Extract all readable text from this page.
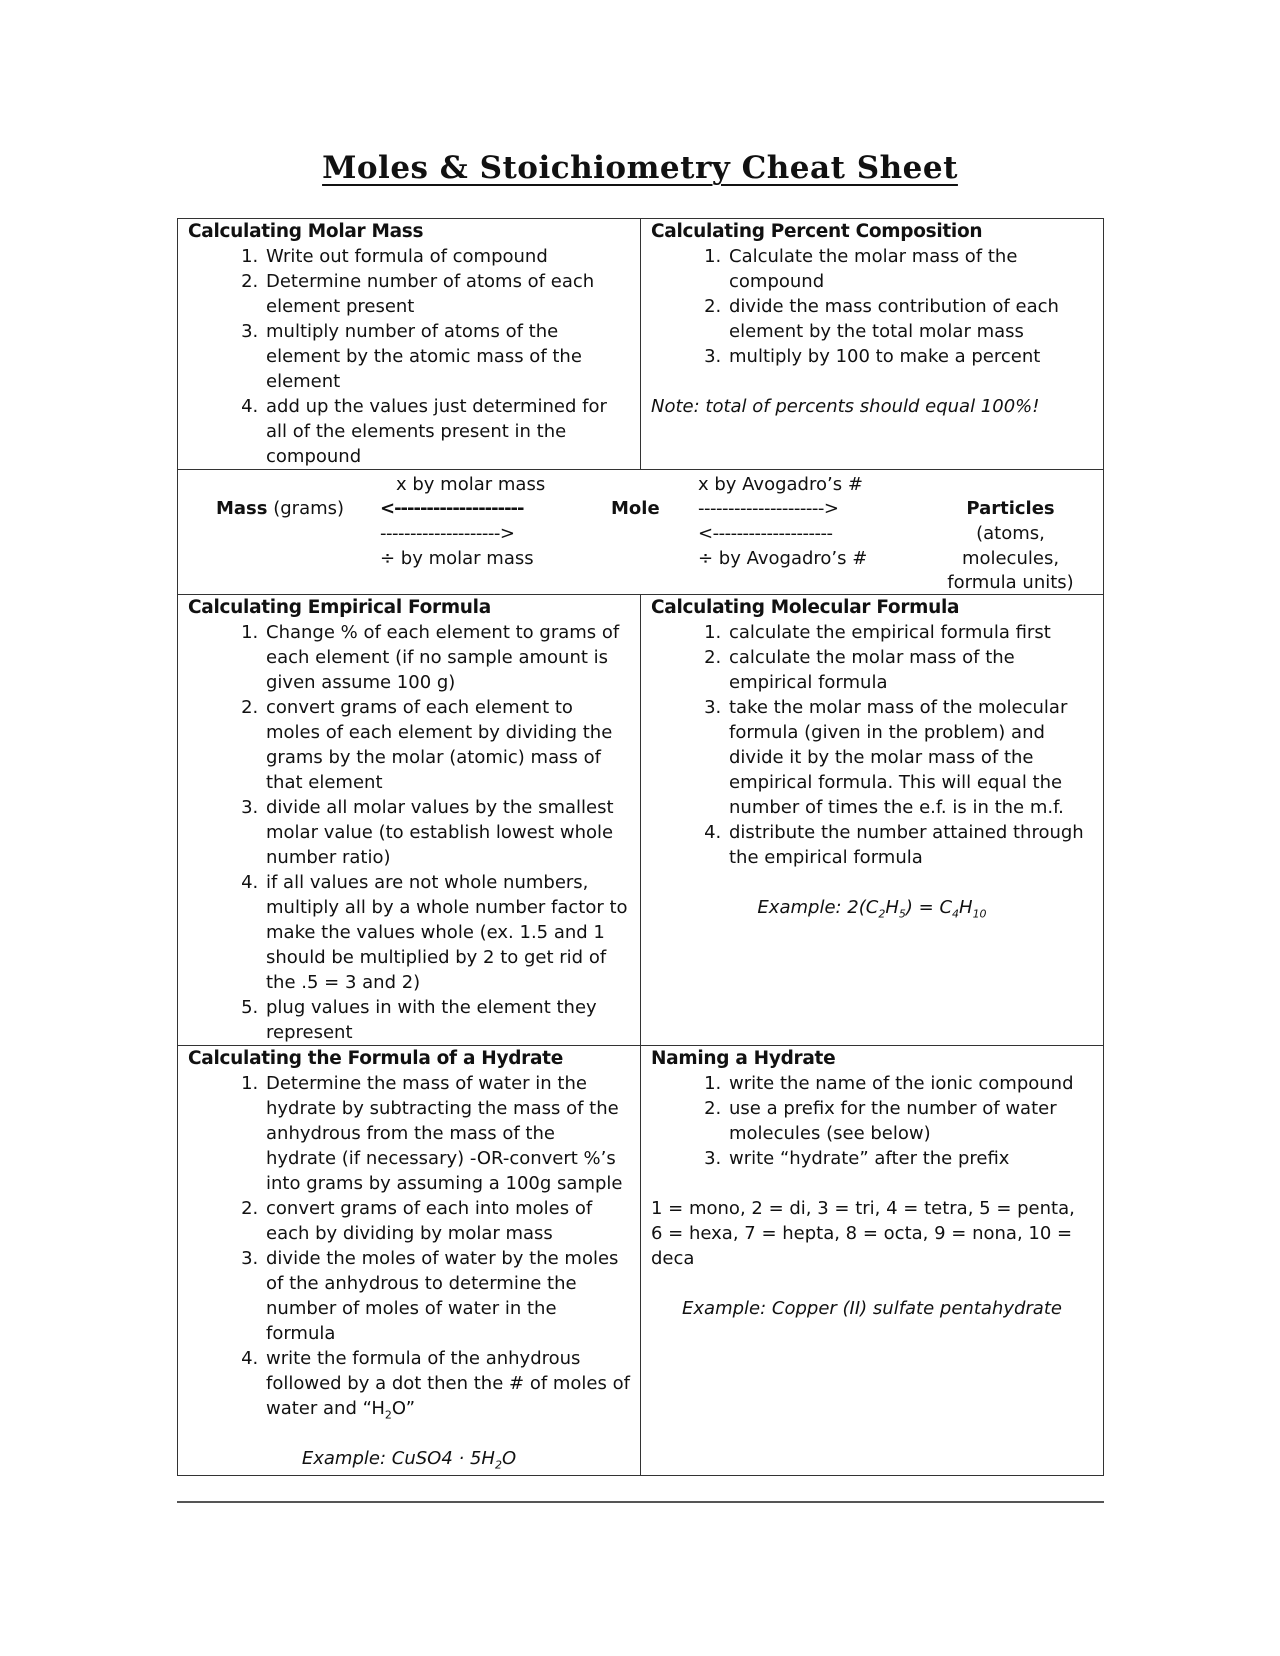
Moles & Stoichiometry Cheat Sheet
Calculating Molar Mass
1. Write out formula of compound
2. Determine number of atoms of each element present
3. multiply number of atoms of the element by the atomic mass of the element
4. add up the values just determined for all of the elements present in the compound

Calculating Percent Composition
1. Calculate the molar mass of the compound
2. divide the mass contribution of each element by the total molar mass
3. multiply by 100 to make a percent
Note: total of percents should equal 100%!

Mass (grams)
x by molar mass
<--------------------
-------------------->
÷ by molar mass
Mole
x by Avogadro’s #
--------------------->
<--------------------
÷ by Avogadro’s #
Particles
(atoms,
molecules,
formula units)

Calculating Empirical Formula
1. Change % of each element to grams of each element (if no sample amount is given assume 100 g)
2. convert grams of each element to moles of each element by dividing the grams by the molar (atomic) mass of that element
3. divide all molar values by the smallest molar value (to establish lowest whole number ratio)
4. if all values are not whole numbers, multiply all by a whole number factor to make the values whole (ex. 1.5 and 1 should be multiplied by 2 to get rid of the .5 = 3 and 2)
5. plug values in with the element they represent

Calculating Molecular Formula
1. calculate the empirical formula first
2. calculate the molar mass of the empirical formula
3. take the molar mass of the molecular formula (given in the problem) and divide it by the molar mass of the empirical formula. This will equal the number of times the e.f. is in the m.f.
4. distribute the number attained through the empirical formula
Example: $2(C_2H_5) = C_4H_{10}$

Calculating the Formula of a Hydrate
1. Determine the mass of water in the hydrate by subtracting the mass of the anhydrous from the mass of the hydrate (if necessary) -OR-convert %’s into grams by assuming a 100g sample
2. convert grams of each into moles of each by dividing by molar mass
3. divide the moles of water by the moles of the anhydrous to determine the number of moles of water in the formula
4. write the formula of the anhydrous followed by a dot then the # of moles of water and “$H_2O$”
Example: CuSO4 · $5H_2O$

Naming a Hydrate
1. write the name of the ionic compound
2. use a prefix for the number of water molecules (see below)
3. write “hydrate” after the prefix
1 = mono, 2 = di, 3 = tri, 4 = tetra, 5 = penta,
6 = hexa, 7 = hepta, 8 = octa, 9 = nona, 10 = deca
Example: Copper (II) sulfate pentahydrate
